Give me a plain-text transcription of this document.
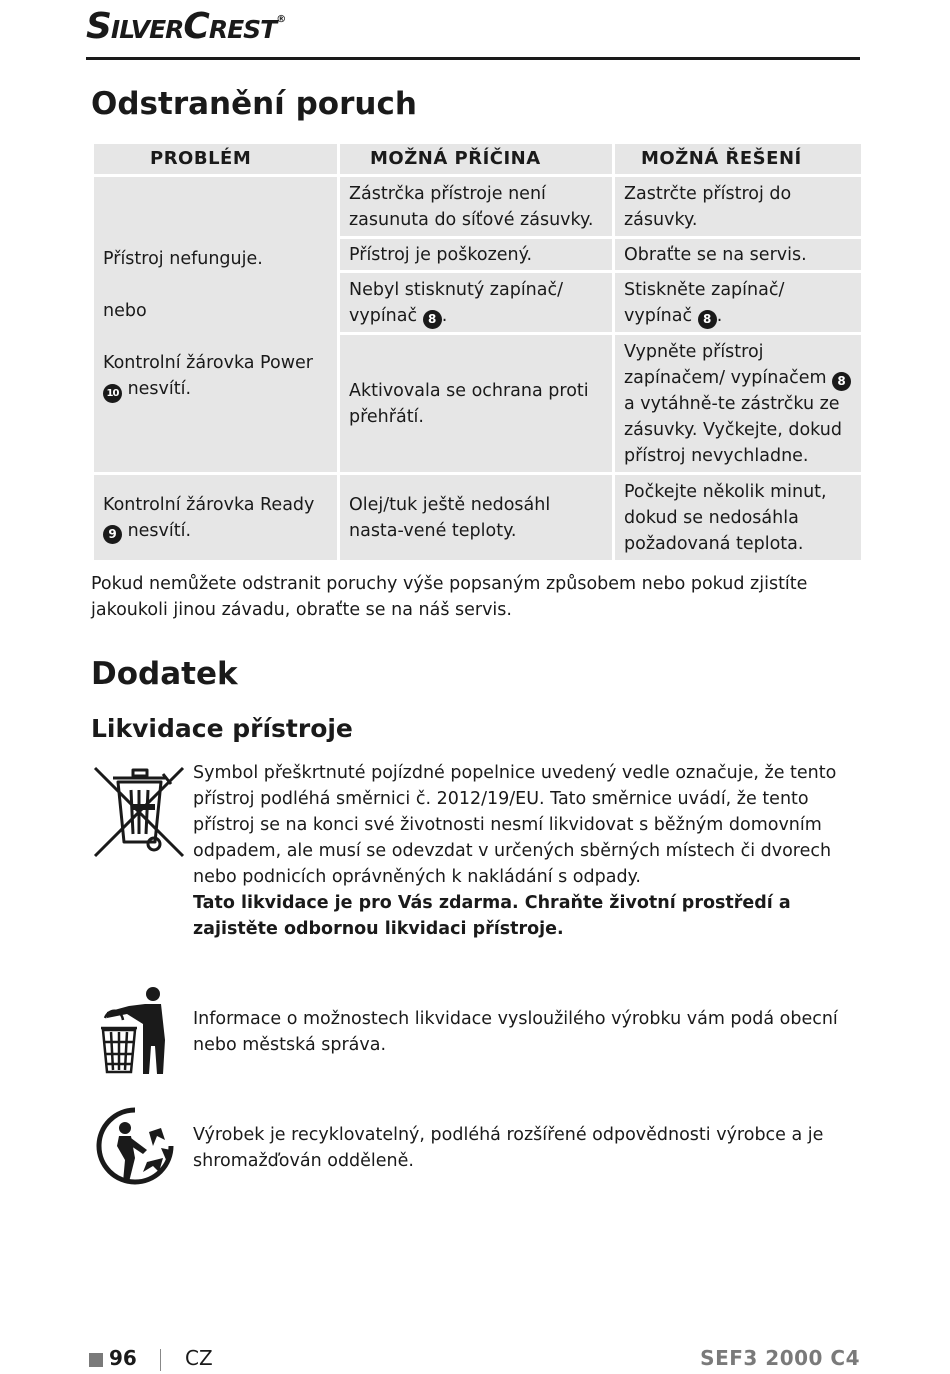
SilverCrest®
Odstranění poruch
PROBLÉM	MOŽNÁ PŘÍČINA	MOŽNÁ ŘEŠENÍ
Přístroj nefunguje.
nebo
Kontrolní žárovka Power 10 nesvítí.	Zástrčka přístroje není zasunuta do síťové zásuvky.	Zastrčte přístroj do zásuvky.
	Přístroj je poškozený.	Obraťte se na servis.
	Nebyl stisknutý zapínač/ vypínač 8 .	Stiskněte zapínač/ vypínač 8 .
	Aktivovala se ochrana proti přehřátí.	Vypněte přístroj zapínačem/ vypínačem 8 a vytáhně-te zástrčku ze zásuvky. Vyčkejte, dokud přístroj nevychladne.
Kontrolní žárovka Ready 9 nesvítí.	Olej/tuk ještě nedosáhl nasta-vené teploty.	Počkejte několik minut, dokud se nedosáhla požadovaná teplota.

Pokud nemůžete odstranit poruchy výše popsaným způsobem nebo pokud zjistíte jakoukoli jinou závadu, obraťte se na náš servis.

Dodatek
Likvidace přístroje

Symbol přeškrtnuté pojízdné popelnice uvedený vedle označuje, že tento přístroj podléhá směrnici č. 2012/19/EU. Tato směrnice uvádí, že tento přístroj se na konci své životnosti nesmí likvidovat s běžným domovním odpadem, ale musí se odevzdat v určených sběrných místech či dvorech nebo podnicích oprávněných k nakládání s odpady.

Tato likvidace je pro Vás zdarma. Chraňte životní prostředí a zajistěte odbornou likvidaci přístroje.

Informace o možnostech likvidace vysloužilého výrobku vám podá obecní nebo městská správa.

Výrobek je recyklovatelný, podléhá rozšířené odpovědnosti výrobce a je shromažďován odděleně.

96 CZ	SEF3 2000 C4
